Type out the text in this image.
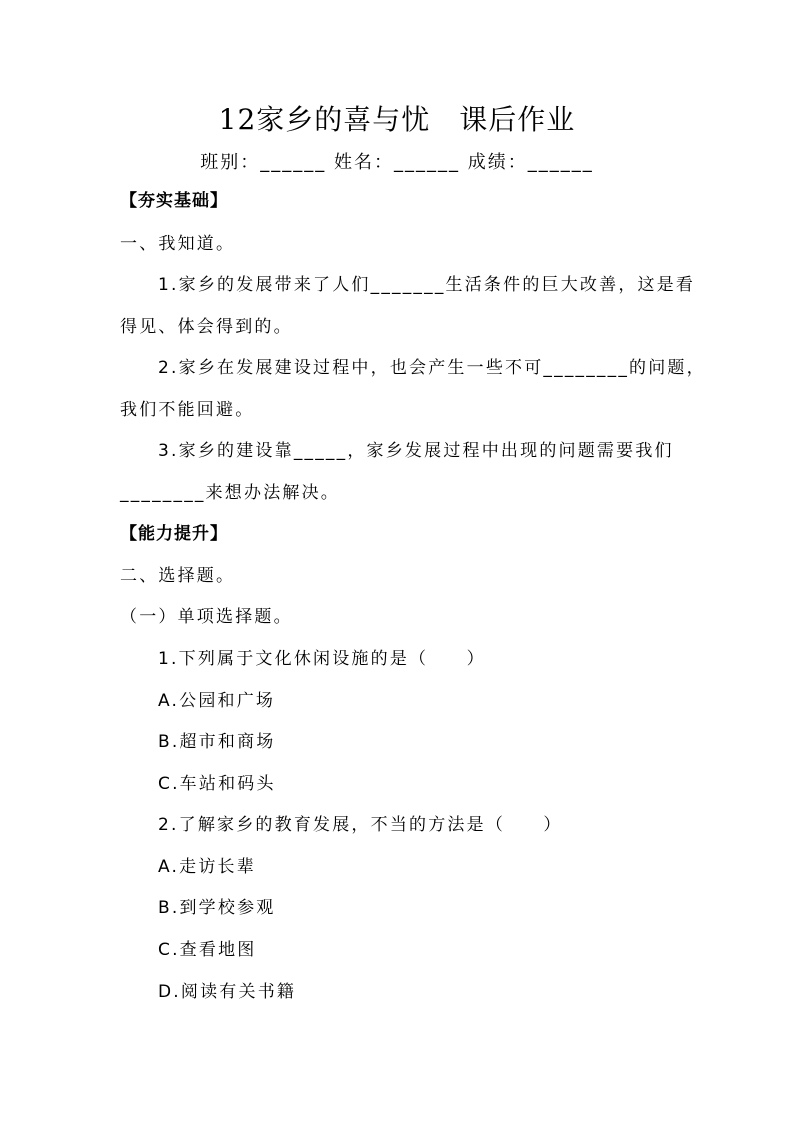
12家乡的喜与忧　课后作业
班别：______ 姓名：______ 成绩：______
【夯实基础】
一、我知道。
1.家乡的发展带来了人们_______生活条件的巨大改善，这是看
得见、体会得到的。
2.家乡在发展建设过程中，也会产生一些不可________的问题，
我们不能回避。
3.家乡的建设靠_____，家乡发展过程中出现的问题需要我们
________来想办法解决。
【能力提升】
二、选择题。
（一）单项选择题。
1.下列属于文化休闲设施的是（　　）
A.公园和广场
B.超市和商场
C.车站和码头
2.了解家乡的教育发展，不当的方法是（　　）
A.走访长辈
B.到学校参观
C.查看地图
D.阅读有关书籍
